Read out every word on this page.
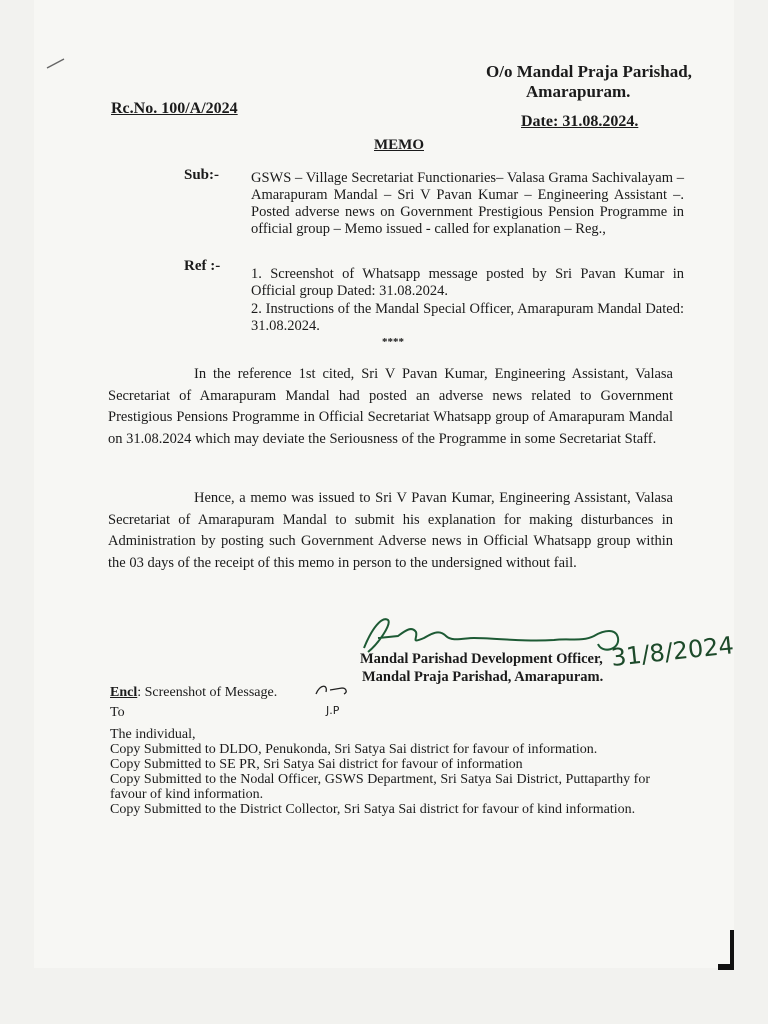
O/o Mandal Praja Parishad,
Amarapuram.
Rc.No. 100/A/2024
Date: 31.08.2024.
MEMO
Sub:- GSWS – Village Secretariat Functionaries– Valasa Grama Sachivalayam – Amarapuram Mandal – Sri V Pavan Kumar – Engineering Assistant –. Posted adverse news on Government Prestigious Pension Programme in official group – Memo issued - called for explanation – Reg.,
Ref :- 1. Screenshot of Whatsapp message posted by Sri Pavan Kumar in Official group Dated: 31.08.2024.
2. Instructions of the Mandal Special Officer, Amarapuram Mandal Dated: 31.08.2024.
****
In the reference 1st cited, Sri V Pavan Kumar, Engineering Assistant, Valasa Secretariat of Amarapuram Mandal had posted an adverse news related to Government Prestigious Pensions Programme in Official Secretariat Whatsapp group of Amarapuram Mandal on 31.08.2024 which may deviate the Seriousness of the Programme in some Secretariat Staff.
Hence, a memo was issued to Sri V Pavan Kumar, Engineering Assistant, Valasa Secretariat of Amarapuram Mandal to submit his explanation for making disturbances in Administration by posting such Government Adverse news in Official Whatsapp group within the 03 days of the receipt of this memo in person to the undersigned without fail.
31/8/2024
Mandal Parishad Development Officer,
Mandal Praja Parishad, Amarapuram.
Encl: Screenshot of Message.
J.P
To
The individual,
Copy Submitted to DLDO, Penukonda, Sri Satya Sai district for favour of information.
Copy Submitted to SE PR, Sri Satya Sai district for favour of information
Copy Submitted to the Nodal Officer, GSWS Department, Sri Satya Sai District, Puttaparthy for favour of kind information.
Copy Submitted to the District Collector, Sri Satya Sai district for favour of kind information.
